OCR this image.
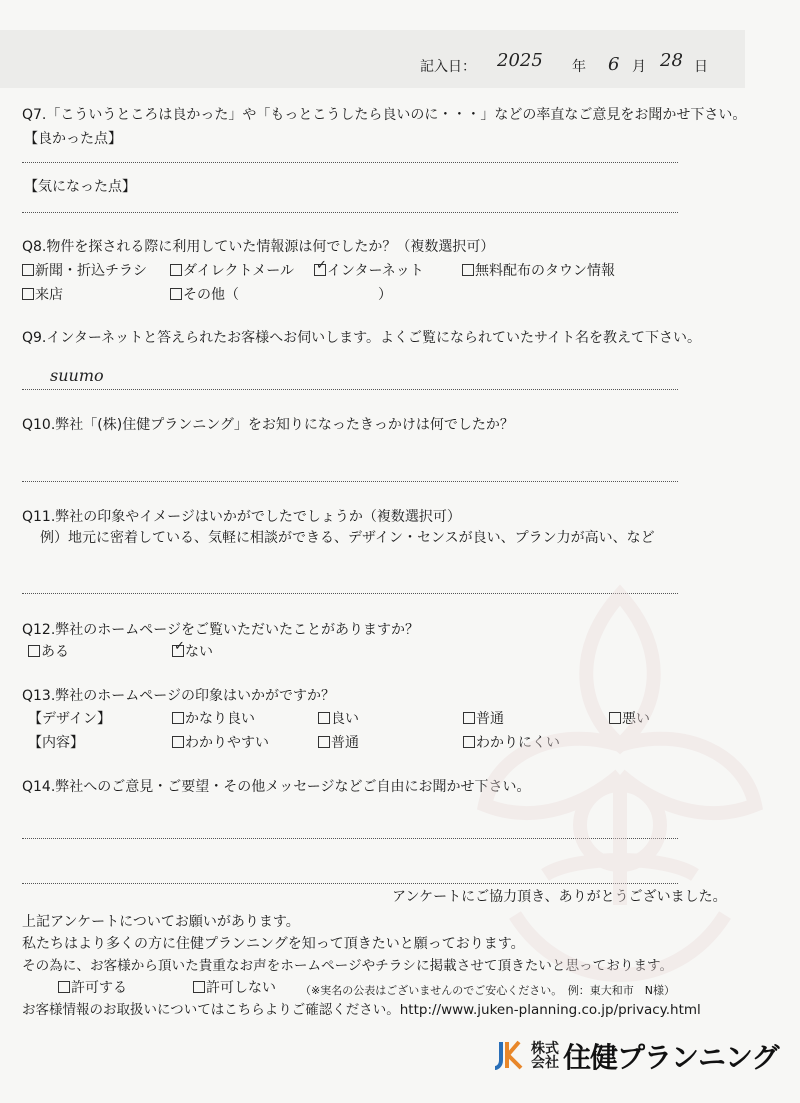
記入日： 2025 年 6 月 28 日
Q7.「こういうところは良かった」や「もっとこうしたら良いのに・・・」などの率直なご意見をお聞かせ下さい。
【良かった点】
【気になった点】
Q8.物件を探される際に利用していた情報源は何でしたか？（複数選択可）
新聞・折込チラシ	ダイレクトメール ✓	インターネット	無料配布のタウン情報
来店	その他（	）
Q9.インターネットと答えられたお客様へお伺いします。よくご覧になられていたサイト名を教えて下さい。
suumo
Q10.弊社「(株)住健プランニング」をお知りになったきっかけは何でしたか？
Q11.弊社の印象やイメージはいかがでしたでしょうか（複数選択可）
例）地元に密着している、気軽に相談ができる、デザイン・センスが良い、プラン力が高い、など
Q12.弊社のホームページをご覧いただいたことがありますか？
ある ✓	ない
Q13.弊社のホームページの印象はいかがですか？
【デザイン】	かなり良い	良い	普通	悪い
【内容】	わかりやすい	普通	わかりにくい
Q14.弊社へのご意見・ご要望・その他メッセージなどご自由にお聞かせ下さい。
アンケートにご協力頂き、ありがとうございました。
上記アンケートについてお願いがあります。
私たちはより多くの方に住健プランニングを知って頂きたいと願っております。
その為に、お客様から頂いた貴重なお声をホームページやチラシに掲載させて頂きたいと思っております。
許可する	許可しない （※実名の公表はございませんのでご安心ください。　例：東大和市　N様）
お客様情報のお取扱いについてはこちらよりご確認ください。http://www.juken-planning.co.jp/privacy.html
株式会社 住健プランニング
